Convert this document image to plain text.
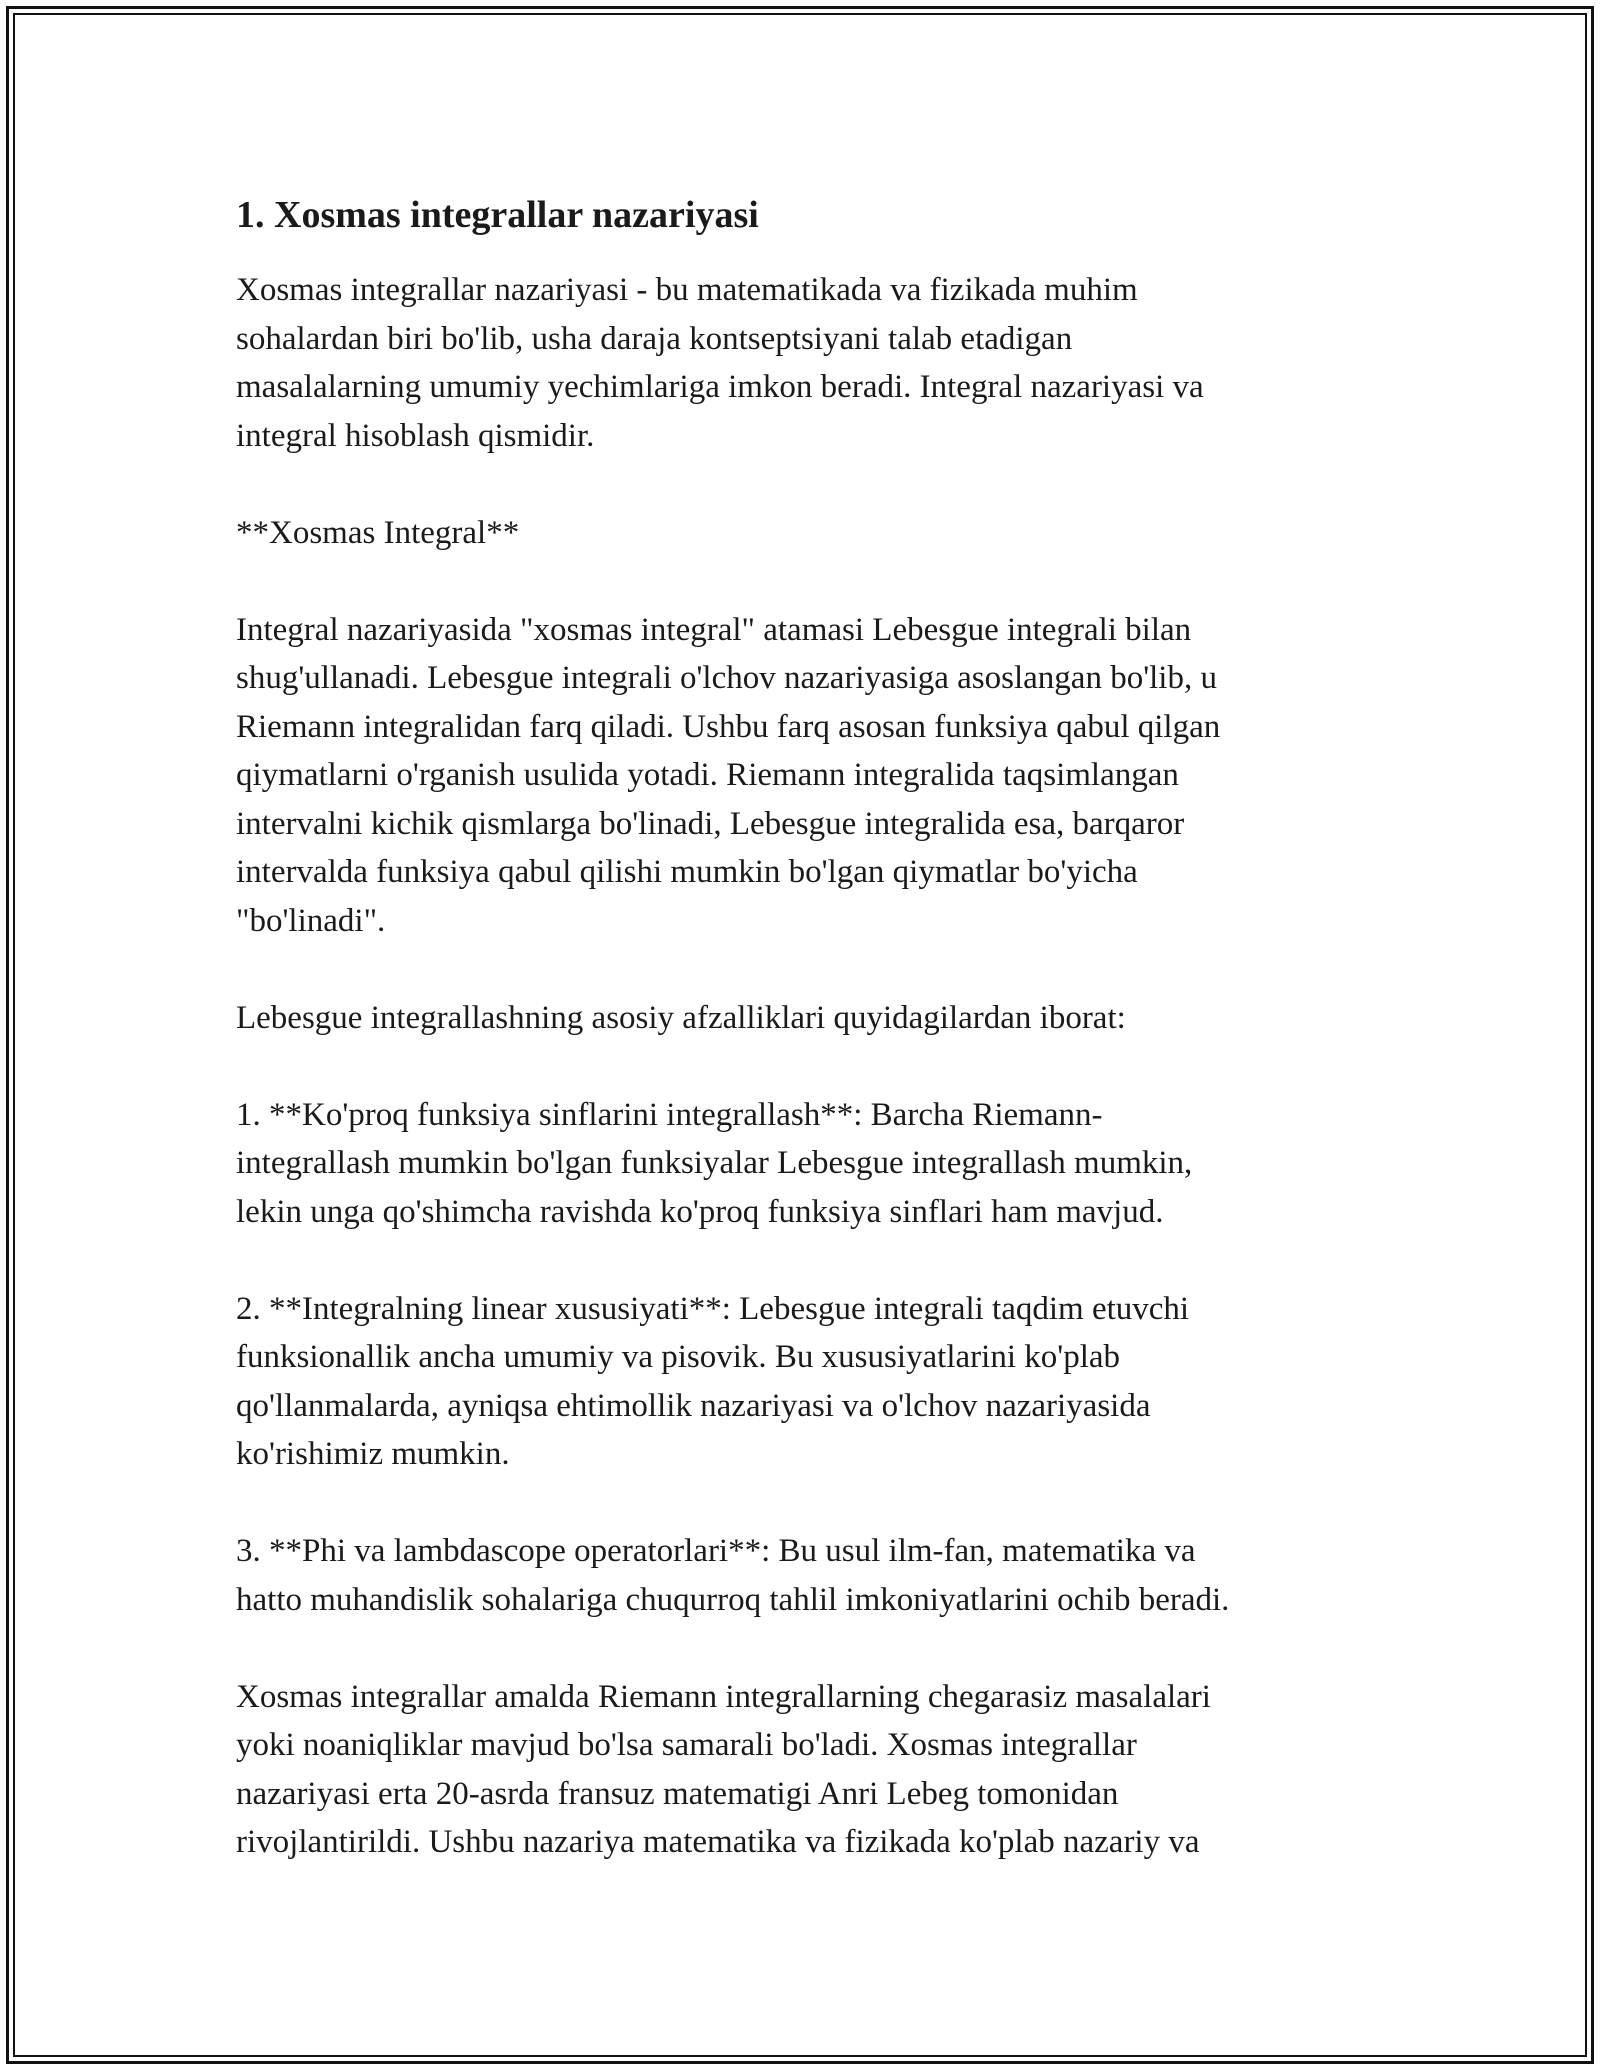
1. Xosmas integrallar nazariyasi

Xosmas integrallar nazariyasi - bu matematikada va fizikada muhim
sohalardan biri bo'lib, usha daraja kontseptsiyani talab etadigan
masalalarning umumiy yechimlariga imkon beradi. Integral nazariyasi va
integral hisoblash qismidir.

**Xosmas Integral**

Integral nazariyasida "xosmas integral" atamasi Lebesgue integrali bilan
shug'ullanadi. Lebesgue integrali o'lchov nazariyasiga asoslangan bo'lib, u
Riemann integralidan farq qiladi. Ushbu farq asosan funksiya qabul qilgan
qiymatlarni o'rganish usulida yotadi. Riemann integralida taqsimlangan
intervalni kichik qismlarga bo'linadi, Lebesgue integralida esa, barqaror
intervalda funksiya qabul qilishi mumkin bo'lgan qiymatlar bo'yicha
"bo'linadi".

Lebesgue integrallashning asosiy afzalliklari quyidagilardan iborat:

1. **Ko'proq funksiya sinflarini integrallash**: Barcha Riemann-
integrallash mumkin bo'lgan funksiyalar Lebesgue integrallash mumkin,
lekin unga qo'shimcha ravishda ko'proq funksiya sinflari ham mavjud.

2. **Integralning linear xususiyati**: Lebesgue integrali taqdim etuvchi
funksionallik ancha umumiy va pisovik. Bu xususiyatlarini ko'plab
qo'llanmalarda, ayniqsa ehtimollik nazariyasi va o'lchov nazariyasida
ko'rishimiz mumkin.

3. **Phi va lambdascope operatorlari**: Bu usul ilm-fan, matematika va
hatto muhandislik sohalariga chuqurroq tahlil imkoniyatlarini ochib beradi.

Xosmas integrallar amalda Riemann integrallarning chegarasiz masalalari
yoki noaniqliklar mavjud bo'lsa samarali bo'ladi. Xosmas integrallar
nazariyasi erta 20-asrda fransuz matematigi Anri Lebeg tomonidan
rivojlantirildi. Ushbu nazariya matematika va fizikada ko'plab nazariy va
